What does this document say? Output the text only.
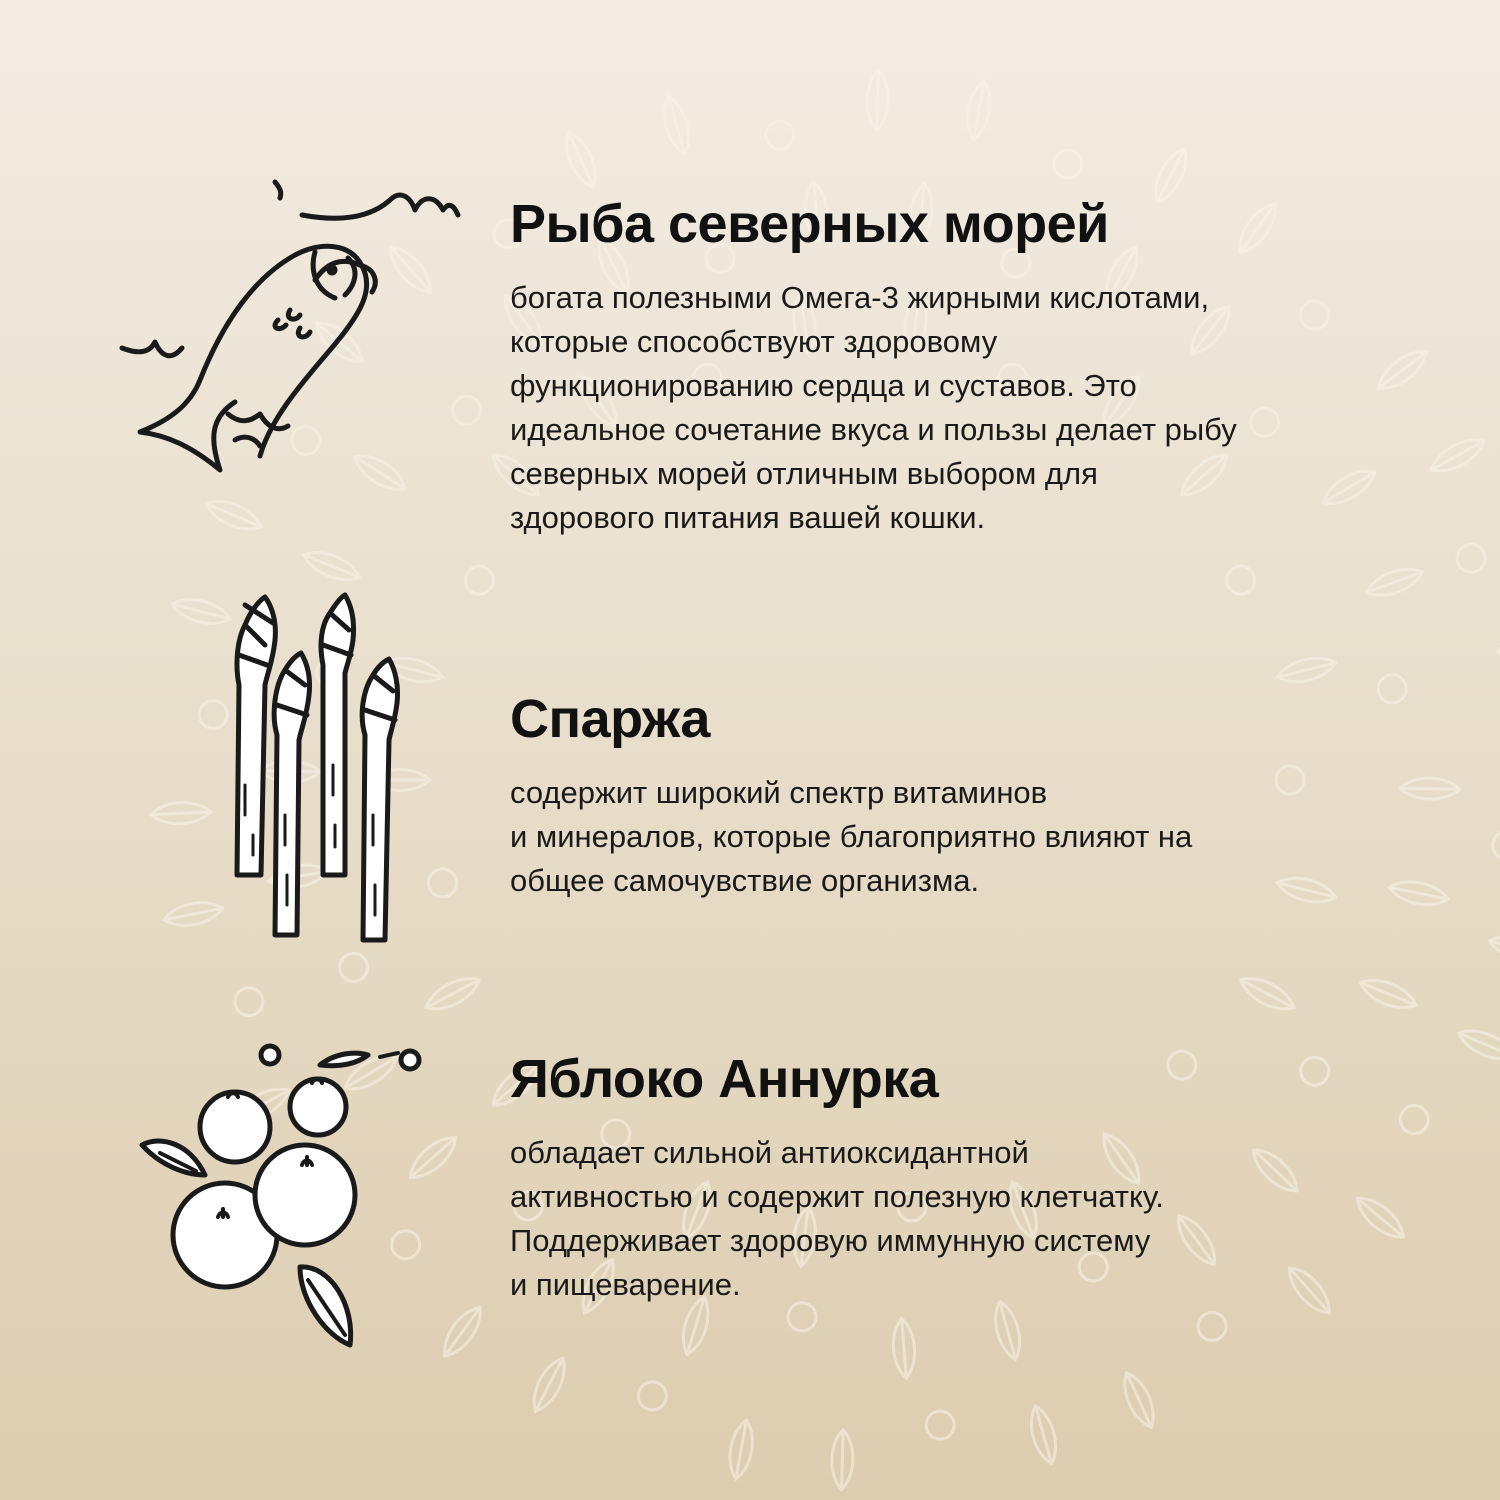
Рыба северных морей
богата полезными Омега-3 жирными кислотами,
которые способствуют здоровому
функционированию сердца и суставов. Это
идеальное сочетание вкуса и пользы делает рыбу
северных морей отличным выбором для
здорового питания вашей кошки.
Спаржа
содержит широкий спектр витаминов
и минералов, которые благоприятно влияют на
общее самочувствие организма.
Яблоко Аннурка
обладает сильной антиоксидантной
активностью и содержит полезную клетчатку.
Поддерживает здоровую иммунную систему
и пищеварение.
